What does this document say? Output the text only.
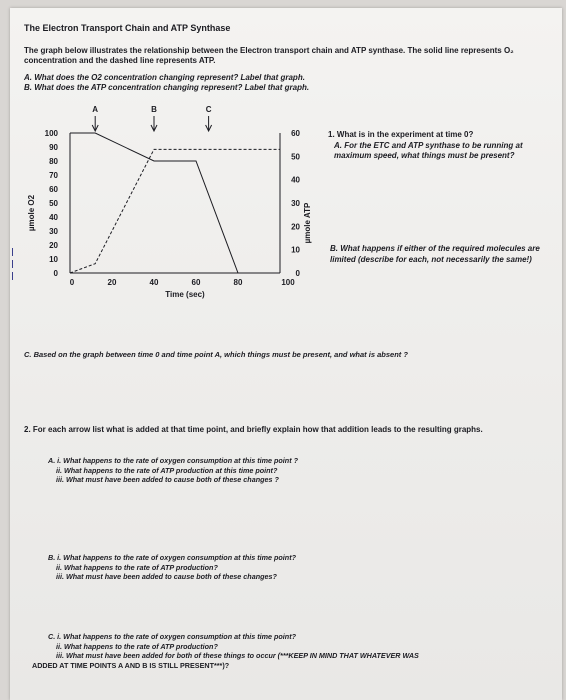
The Electron Transport Chain and ATP Synthase
The graph below illustrates the relationship between the Electron transport chain and ATP synthase. The solid line represents O₂ concentration and the dashed line represents ATP.
A. What does the O2 concentration changing represent? Label that graph.
B. What does the ATP concentration changing represent? Label that graph.
0
10
20
30
40
50
60
70
80
90
100
0
10
20
30
40
50
60
0	20	40	60	80	100
Time (sec)
µmole O2	µmole ATP
A	B	C
1. What is in the experiment at time 0?
A. For the ETC and ATP synthase to be running at maximum speed, what things must be present?
B. What happens if either of the required molecules are limited (describe for each, not necessarily the same!)
C. Based on the graph between time 0 and time point A, which things must be present, and what is absent ?
2. For each arrow list what is added at that time point, and briefly explain how that addition leads to the resulting graphs.
A. i. What happens to the rate of oxygen consumption at this time point ?
ii. What happens to the rate of ATP production at this time point?
iii. What must have been added to cause both of these changes ?
B. i. What happens to the rate of oxygen consumption at this time point?
ii. What happens to the rate of ATP production?
iii. What must have been added to cause both of these changes?
C. i. What happens to the rate of oxygen consumption at this time point?
ii. What happens to the rate of ATP production?
iii. What must have been added for both of these things to occur (***KEEP IN MIND THAT WHATEVER WAS
ADDED AT TIME POINTS A AND B IS STILL PRESENT***)?
